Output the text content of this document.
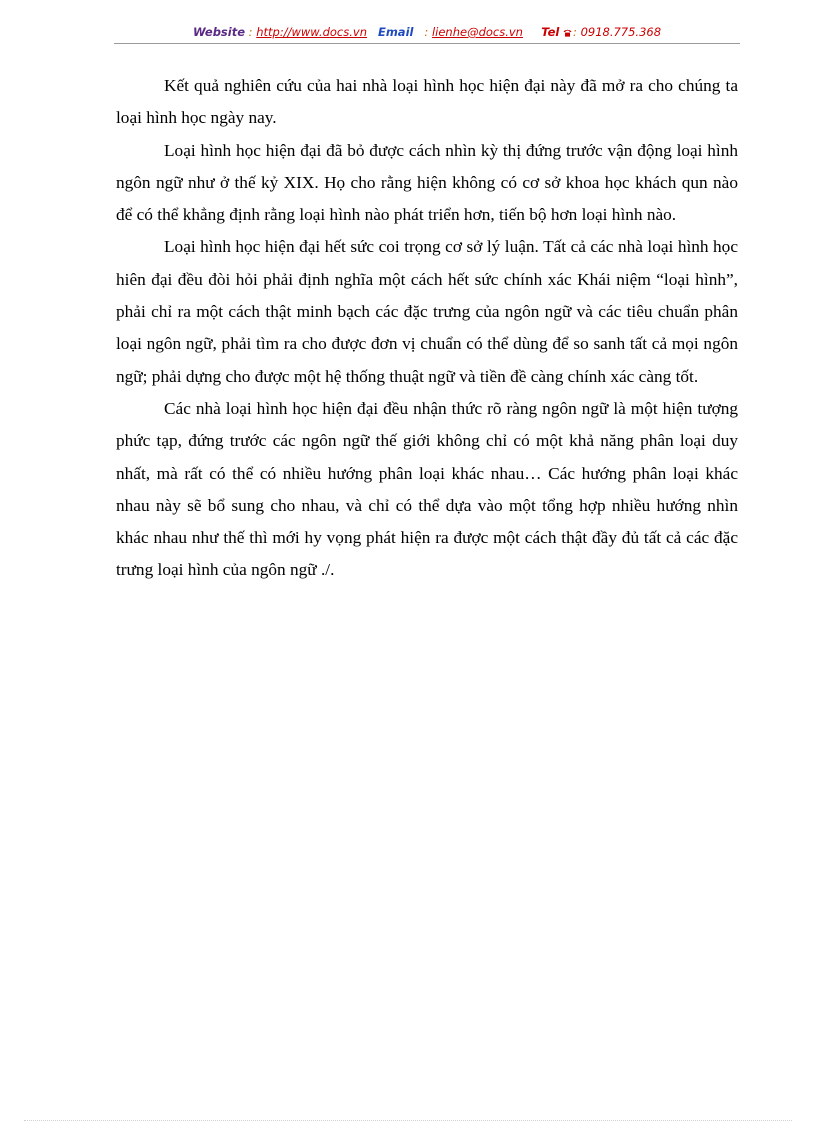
Website : http://www.docs.vn Email   : lienhe@docs.vn Tel : 0918.775.368

Kết quả nghiên cứu của hai nhà loại hình học hiện đại này đã mở ra cho chúng ta loại hình học ngày nay.

Loại hình học hiện đại đã bỏ được cách nhìn kỳ thị đứng trước vận động loại hình ngôn ngữ như ở thế kỷ XIX. Họ cho rằng hiện không có cơ sở khoa học khách qun nào để có thể khẳng định rằng loại hình nào phát triển hơn, tiến bộ hơn loại hình nào.

Loại hình học hiện đại hết sức coi trọng cơ sở lý luận. Tất cả các nhà loại hình học hiên đại đều đòi hỏi phải định nghĩa một cách hết sức chính xác Khái niệm “loại hình”, phải chỉ ra một cách thật minh bạch các đặc trưng của ngôn ngữ và các tiêu chuẩn phân loại ngôn ngữ, phải tìm ra cho được đơn vị chuẩn có thể dùng để so sanh tất cả mọi ngôn ngữ; phải dựng cho được một hệ thống thuật ngữ và tiền đề càng chính xác càng tốt.

Các nhà loại hình học hiện đại đều nhận thức rõ ràng ngôn ngữ là một hiện tượng phức tạp, đứng trước các ngôn ngữ thế giới không chỉ có một khả năng phân loại duy nhất, mà rất có thể có nhiều hướng phân loại khác nhau… Các hướng phân loại khác nhau này sẽ bổ sung cho nhau, và chỉ có thể dựa vào một tổng hợp nhiều hướng nhìn khác nhau như thế thì mới hy vọng phát hiện ra được một cách thật đầy đủ tất cả các đặc trưng loại hình của ngôn ngữ ./.
